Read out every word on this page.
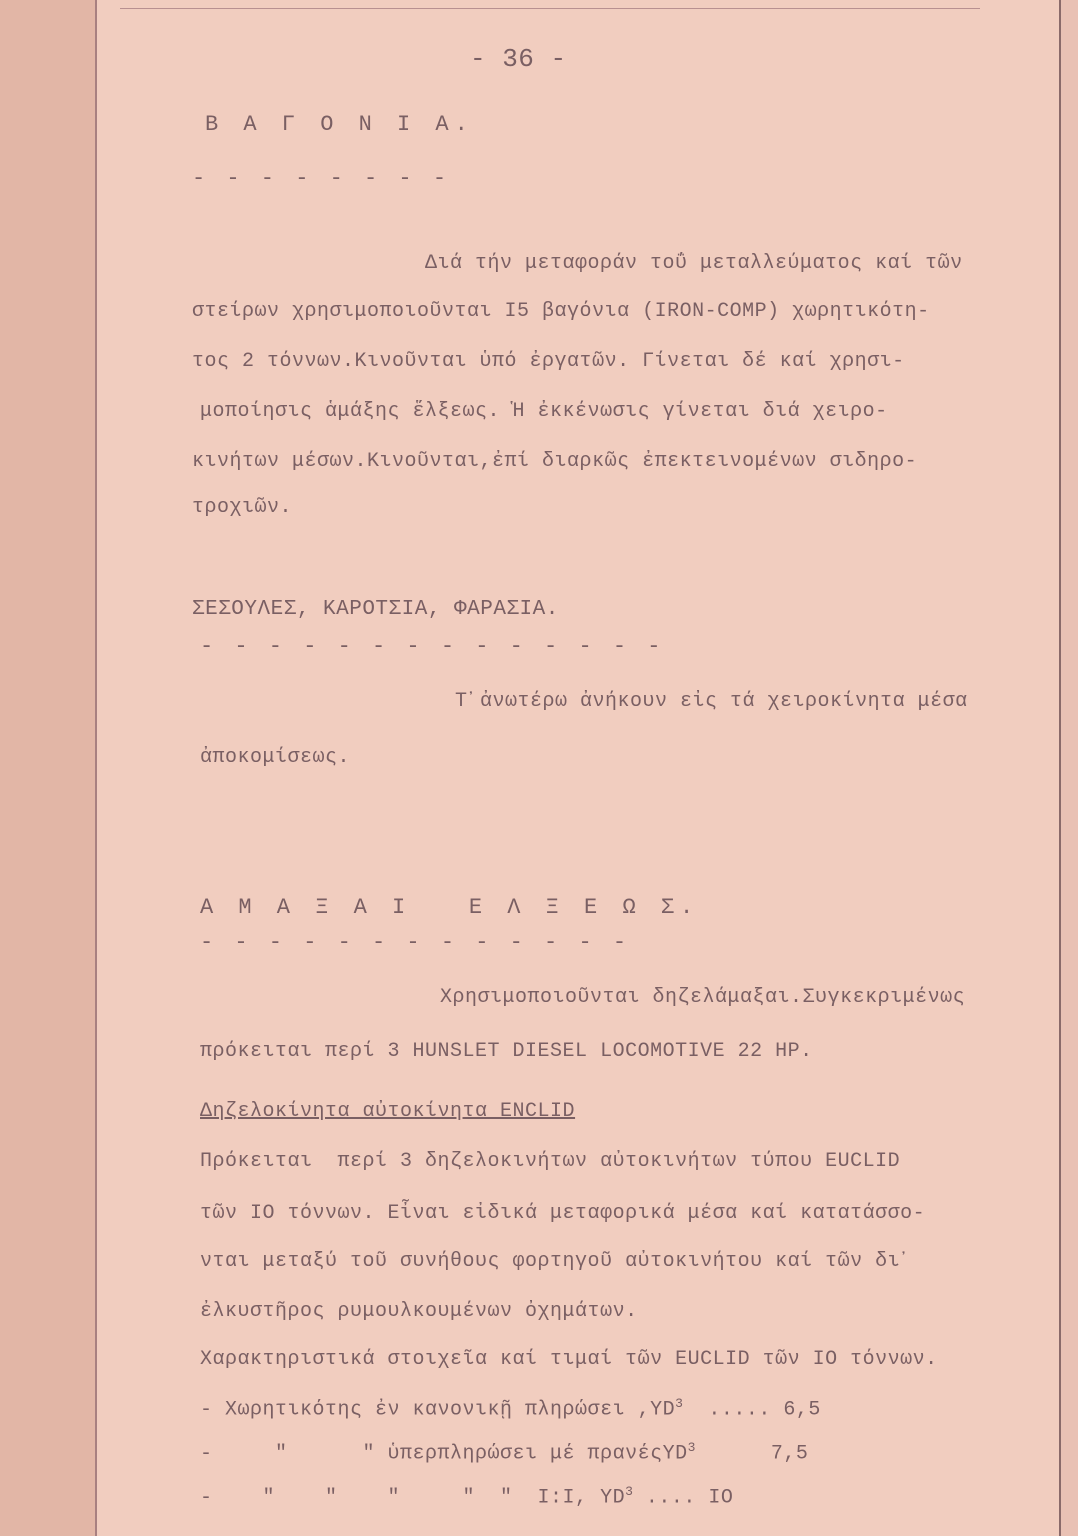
- 36 -
Β Α Γ Ο Ν Ι Α.
- - - - - - - -
Διά τήν μεταφοράν τοΰ μεταλλεύματος καί τῶν
στείρων χρησιμοποιοῦνται Ι5 βαγόνια (IRON-COMP) χωρητικότη-
τος 2 τόννων.Κινοῦνται ὑπό ἐργατῶν. Γίνεται δέ καί χρησι-
μοποίησις ἁμάξης ἕλξεως. Ἡ ἐκκένωσις γίνεται διά χειρο-
κινήτων μέσων.Κινοῦνται,ἐπί διαρκῶς ἐπεκτεινομένων σιδηρο-
τροχιῶν.
ΣΕΣΟΥΛΕΣ, ΚΑΡΟΤΣΙΑ, ΦΑΡΑΣΙΑ.
- - - - - - - - - - - - - -
Τ᾽ἀνωτέρω ἀνήκουν εἰς τά χειροκίνητα μέσα
ἀποκομίσεως.
Α Μ Α Ξ Α Ι   Ε Λ Ξ Ε Ω Σ.
- - - - - - - - - - - - -
Χρησιμοποιοῦνται δηζελάμαξαι.Συγκεκριμένως
πρόκειται περί 3 HUNSLET DIESEL LOCOMOTIVE 22 HP.
Δηζελοκίνητα αὐτοκίνητα ENCLID
Πρόκειται  περί 3 δηζελοκινήτων αὐτοκινήτων τύπου EUCLID
τῶν ΙΟ τόννων. Εἶναι εἰδικά μεταφορικά μέσα καί κατατάσσο-
νται μεταξύ τοῦ συνήθους φορτηγοῦ αὐτοκινήτου καί τῶν δι᾽
ἐλκυστῆρος ρυμουλκουμένων ὀχημάτων.
Χαρακτηριστικά στοιχεῖα καί τιμαί τῶν EUCLID τῶν ΙΟ τόννων.
- Χωρητικότης ἐν κανονικῇ πληρώσει $,YD^3$  ..... 6,5
-     "      " ὑπερπληρώσει μέ πρανέςYD$^3$      7,5
-    "    "    "     "  "  I:I, $YD^3$ .... IO
